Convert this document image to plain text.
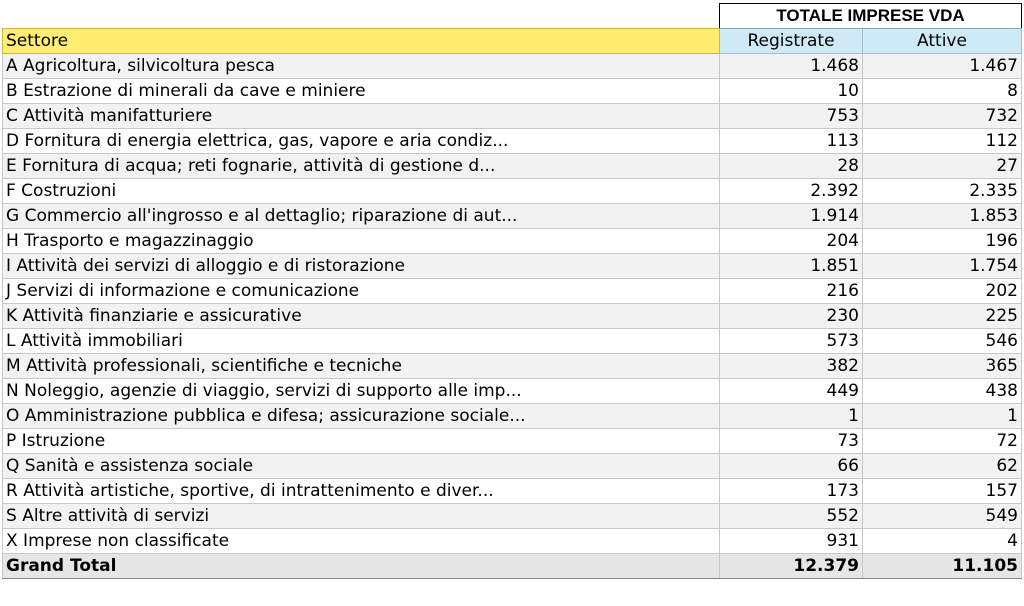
	TOTALE IMPRESE VDA	
Settore	Registrate	Attive
A Agricoltura, silvicoltura pesca	1.468	1.467
B Estrazione di minerali da cave e miniere	10	8
C Attività manifatturiere	753	732
D Fornitura di energia elettrica, gas, vapore e aria condiz...	113	112
E Fornitura di acqua; reti fognarie, attività di gestione d...	28	27
F Costruzioni	2.392	2.335
G Commercio all'ingrosso e al dettaglio; riparazione di aut...	1.914	1.853
H Trasporto e magazzinaggio	204	196
I Attività dei servizi di alloggio e di ristorazione	1.851	1.754
J Servizi di informazione e comunicazione	216	202
K Attività finanziarie e assicurative	230	225
L Attività immobiliari	573	546
M Attività professionali, scientifiche e tecniche	382	365
N Noleggio, agenzie di viaggio, servizi di supporto alle imp...	449	438
O Amministrazione pubblica e difesa; assicurazione sociale...	1	1
P Istruzione	73	72
Q Sanità e assistenza sociale	66	62
R Attività artistiche, sportive, di intrattenimento e diver...	173	157
S Altre attività di servizi	552	549
X Imprese non classificate	931	4
Grand Total	12.379	11.105
